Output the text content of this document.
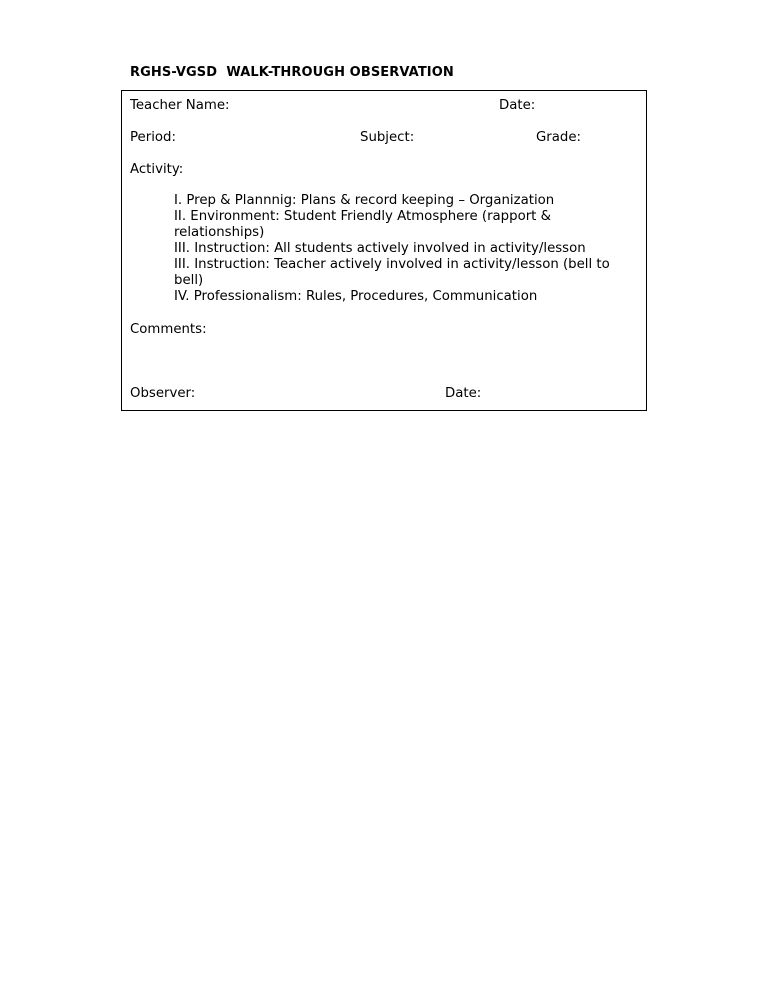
RGHS-VGSD  WALK-THROUGH OBSERVATION
Teacher Name:	Date:
Period:	Subject:	Grade:
Activity:
I. Prep & Plannnig: Plans & record keeping – Organization
II. Environment: Student Friendly Atmosphere (rapport & relationships)
III. Instruction: All students actively involved in activity/lesson
III. Instruction: Teacher actively involved in activity/lesson (bell to bell)
IV. Professionalism: Rules, Procedures, Communication
Comments:
Observer:	Date:
